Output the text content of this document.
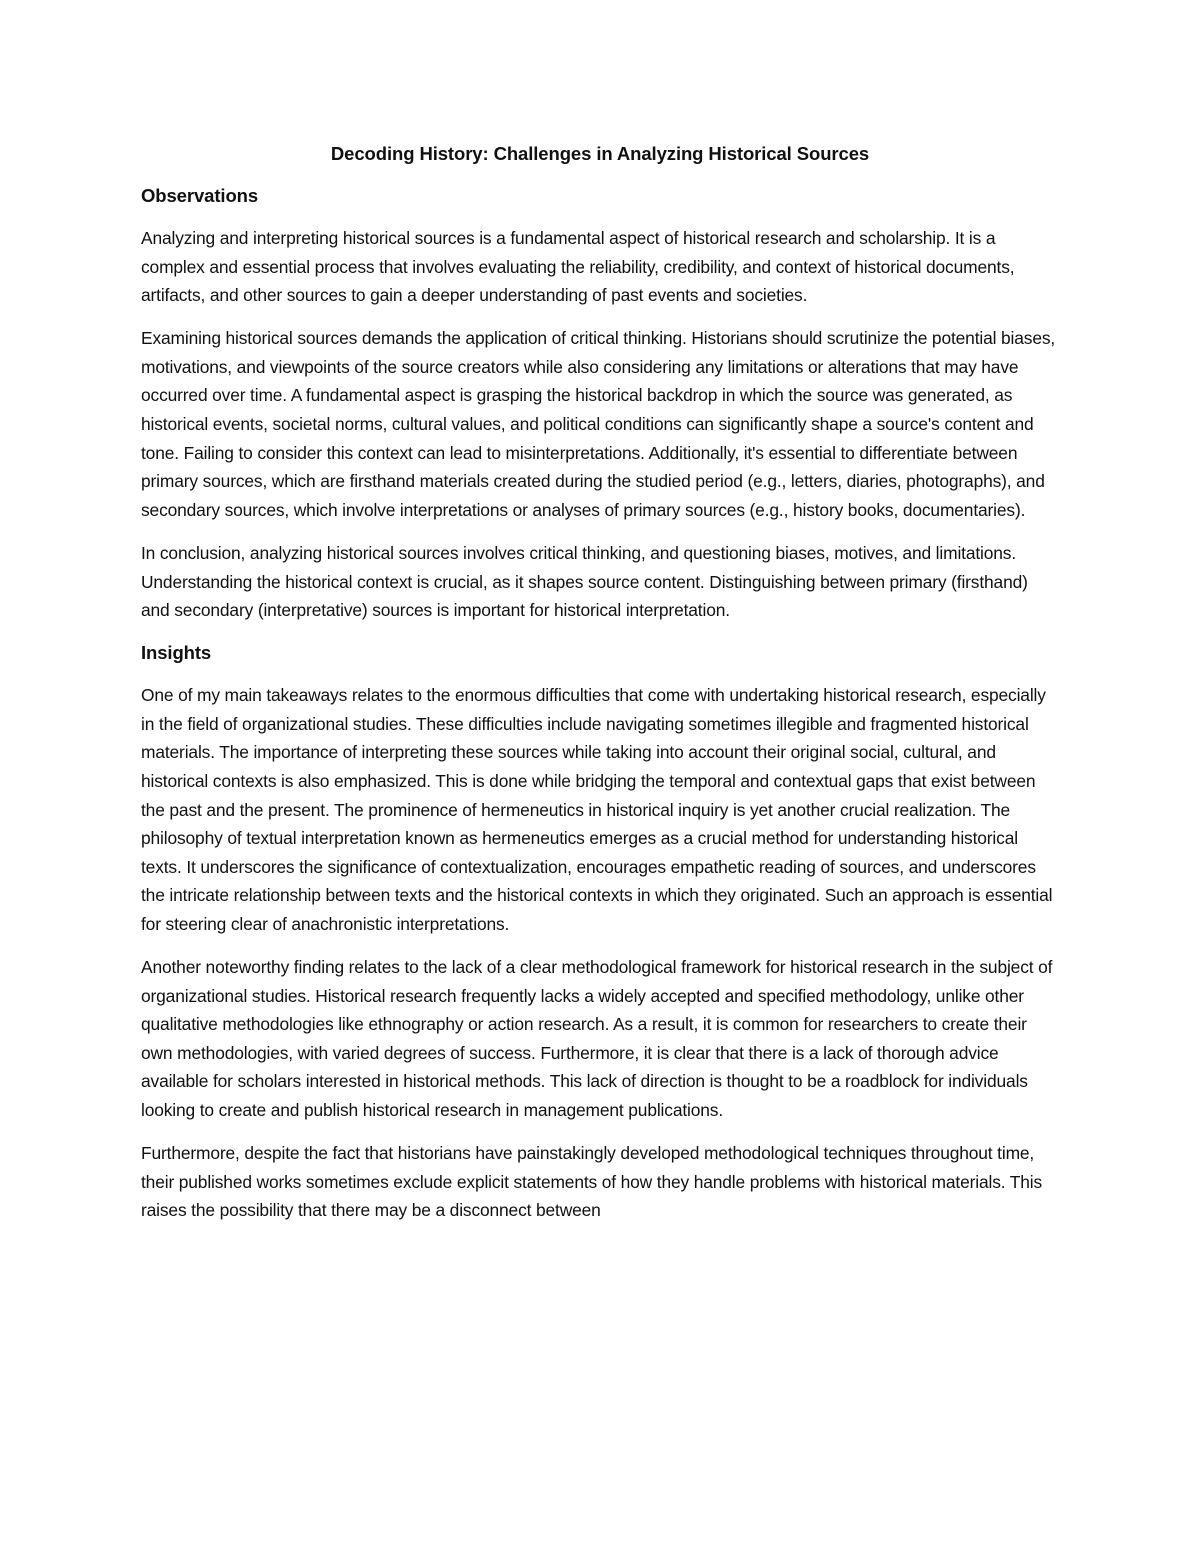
Decoding History: Challenges in Analyzing Historical Sources
Observations

Analyzing and interpreting historical sources is a fundamental aspect of historical research and scholarship. It is a complex and essential process that involves evaluating the reliability, credibility, and context of historical documents, artifacts, and other sources to gain a deeper understanding of past events and societies.

Examining historical sources demands the application of critical thinking. Historians should scrutinize the potential biases, motivations, and viewpoints of the source creators while also considering any limitations or alterations that may have occurred over time. A fundamental aspect is grasping the historical backdrop in which the source was generated, as historical events, societal norms, cultural values, and political conditions can significantly shape a source's content and tone. Failing to consider this context can lead to misinterpretations. Additionally, it's essential to differentiate between primary sources, which are firsthand materials created during the studied period (e.g., letters, diaries, photographs), and secondary sources, which involve interpretations or analyses of primary sources (e.g., history books, documentaries).

In conclusion, analyzing historical sources involves critical thinking, and questioning biases, motives, and limitations. Understanding the historical context is crucial, as it shapes source content. Distinguishing between primary (firsthand) and secondary (interpretative) sources is important for historical interpretation.

Insights

One of my main takeaways relates to the enormous difficulties that come with undertaking historical research, especially in the field of organizational studies. These difficulties include navigating sometimes illegible and fragmented historical materials. The importance of interpreting these sources while taking into account their original social, cultural, and historical contexts is also emphasized. This is done while bridging the temporal and contextual gaps that exist between the past and the present. The prominence of hermeneutics in historical inquiry is yet another crucial realization. The philosophy of textual interpretation known as hermeneutics emerges as a crucial method for understanding historical texts. It underscores the significance of contextualization, encourages empathetic reading of sources, and underscores the intricate relationship between texts and the historical contexts in which they originated. Such an approach is essential for steering clear of anachronistic interpretations.

Another noteworthy finding relates to the lack of a clear methodological framework for historical research in the subject of organizational studies. Historical research frequently lacks a widely accepted and specified methodology, unlike other qualitative methodologies like ethnography or action research. As a result, it is common for researchers to create their own methodologies, with varied degrees of success. Furthermore, it is clear that there is a lack of thorough advice available for scholars interested in historical methods. This lack of direction is thought to be a roadblock for individuals looking to create and publish historical research in management publications.

Furthermore, despite the fact that historians have painstakingly developed methodological techniques throughout time, their published works sometimes exclude explicit statements of how they handle problems with historical materials. This raises the possibility that there may be a disconnect between
